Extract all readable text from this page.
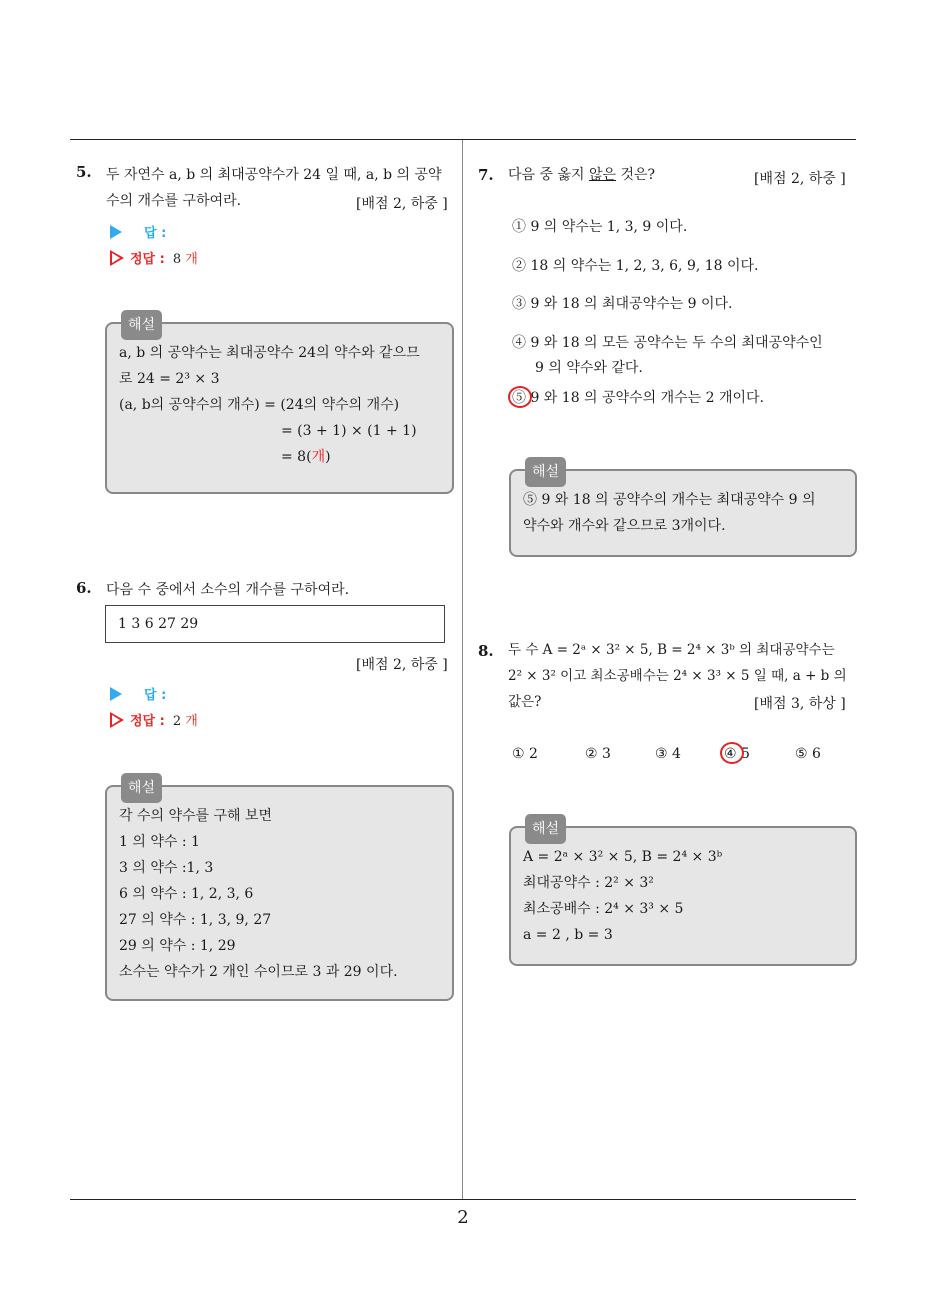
2
5. 두 자연수 a, b 의 최대공약수가 24 일 때, a, b 의 공약
수의 개수를 구하여라.	[배점 2, 하중 ]
답 :
정답 : 8 개
해설
a, b 의 공약수는 최대공약수 24의 약수와 같으므
로 24 = 2³ × 3
(a, b의 공약수의 개수) = (24의 약수의 개수)
= (3 + 1) × (1 + 1)
= 8(개)
6. 다음 수 중에서 소수의 개수를 구하여라.
1 3 6 27 29
[배점 2, 하중 ]
답 :
정답 : 2 개
해설
각 수의 약수를 구해 보면
1 의 약수 : 1
3 의 약수 :1, 3
6 의 약수 : 1, 2, 3, 6
27 의 약수 : 1, 3, 9, 27
29 의 약수 : 1, 29
소수는 약수가 2 개인 수이므로 3 과 29 이다.
7. 다음 중 옳지 않은 것은?	[배점 2, 하중 ]
① 9 의 약수는 1, 3, 9 이다.
② 18 의 약수는 1, 2, 3, 6, 9, 18 이다.
③ 9 와 18 의 최대공약수는 9 이다.
④ 9 와 18 의 모든 공약수는 두 수의 최대공약수인
9 의 약수와 같다.
⑤ 9 와 18 의 공약수의 개수는 2 개이다.
해설
⑤ 9 와 18 의 공약수의 개수는 최대공약수 9 의
약수와 개수와 같으므로 3개이다.
8. 두 수 A = 2ᵃ × 3² × 5, B = 2⁴ × 3ᵇ 의 최대공약수는
2² × 3² 이고 최소공배수는 2⁴ × 3³ × 5 일 때, a + b 의
값은?	[배점 3, 하상 ]
① 2	② 3	③ 4	④ 5	⑤ 6
해설
A = 2ᵃ × 3² × 5, B = 2⁴ × 3ᵇ
최대공약수 : 2² × 3²
최소공배수 : 2⁴ × 3³ × 5
a = 2 , b = 3
